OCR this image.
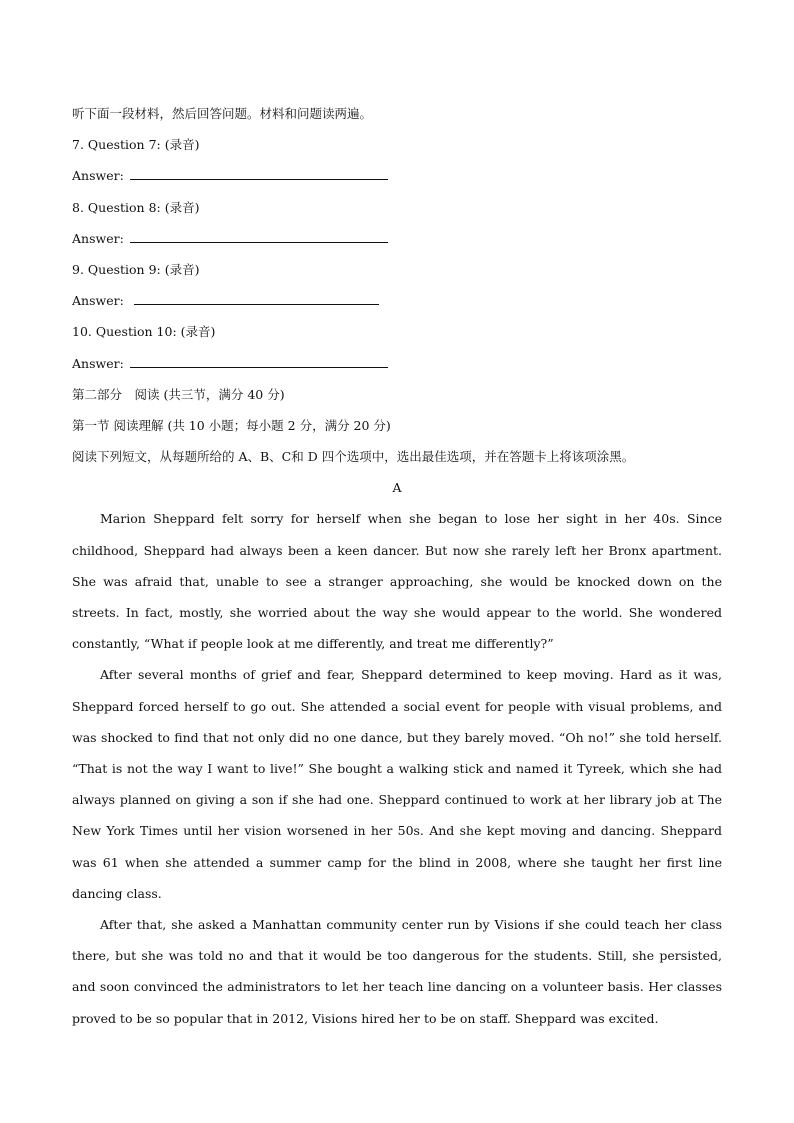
听下面一段材料，然后回答问题。材料和问题读两遍。
7. Question 7: (录音)
Answer:
8. Question 8: (录音)
Answer:
9. Question 9: (录音)
Answer:
10. Question 10: (录音)
Answer:
第二部分　阅读 (共三节，满分 40 分)
第一节 阅读理解 (共 10 小题；每小题 2 分，满分 20 分)
阅读下列短文，从每题所给的 A、B、C和 D 四个选项中，选出最佳选项，并在答题卡上将该项涂黑。
A

Marion Sheppard felt sorry for herself when she began to lose her sight in her 40s. Since childhood, Sheppard had always been a keen dancer. But now she rarely left her Bronx apartment. She was afraid that, unable to see a stranger approaching, she would be knocked down on the streets. In fact, mostly, she worried about the way she would appear to the world. She wondered constantly, “What if people look at me differently, and treat me differently?”

After several months of grief and fear, Sheppard determined to keep moving. Hard as it was, Sheppard forced herself to go out. She attended a social event for people with visual problems, and was shocked to find that not only did no one dance, but they barely moved. “Oh no!” she told herself. “That is not the way I want to live!” She bought a walking stick and named it Tyreek, which she had always planned on giving a son if she had one. Sheppard continued to work at her library job at The New York Times until her vision worsened in her 50s. And she kept moving and dancing. Sheppard was 61 when she attended a summer camp for the blind in 2008, where she taught her first line dancing class.

After that, she asked a Manhattan community center run by Visions if she could teach her class there, but she was told no and that it would be too dangerous for the students. Still, she persisted, and soon convinced the administrators to let her teach line dancing on a volunteer basis. Her classes proved to be so popular that in 2012, Visions hired her to be on staff. Sheppard was excited.
